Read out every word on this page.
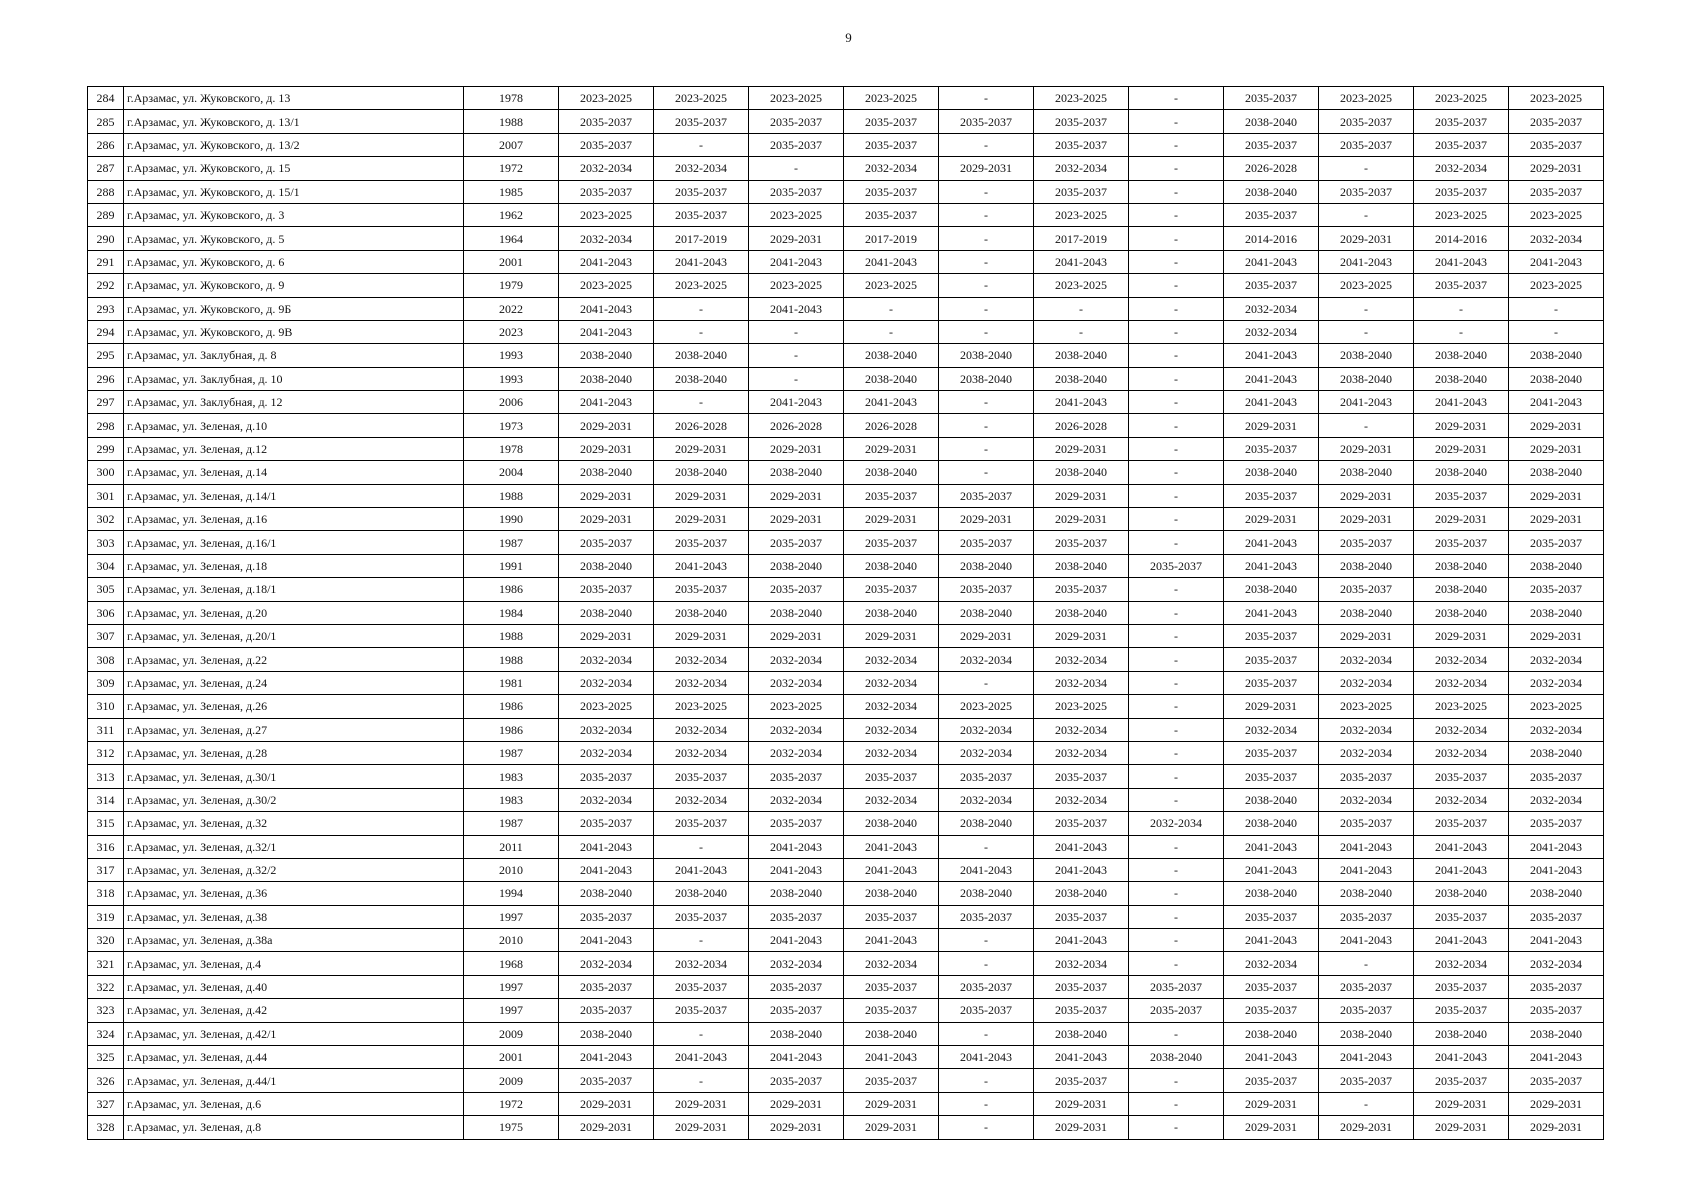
9
284	г.Арзамас, ул. Жуковского, д. 13	1978	2023-2025	2023-2025	2023-2025	2023-2025	-	2023-2025	-	2035-2037	2023-2025	2023-2025	2023-2025
285	г.Арзамас, ул. Жуковского, д. 13/1	1988	2035-2037	2035-2037	2035-2037	2035-2037	2035-2037	2035-2037	-	2038-2040	2035-2037	2035-2037	2035-2037
286	г.Арзамас, ул. Жуковского, д. 13/2	2007	2035-2037	-	2035-2037	2035-2037	-	2035-2037	-	2035-2037	2035-2037	2035-2037	2035-2037
287	г.Арзамас, ул. Жуковского, д. 15	1972	2032-2034	2032-2034	-	2032-2034	2029-2031	2032-2034	-	2026-2028	-	2032-2034	2029-2031
288	г.Арзамас, ул. Жуковского, д. 15/1	1985	2035-2037	2035-2037	2035-2037	2035-2037	-	2035-2037	-	2038-2040	2035-2037	2035-2037	2035-2037
289	г.Арзамас, ул. Жуковского, д. 3	1962	2023-2025	2035-2037	2023-2025	2035-2037	-	2023-2025	-	2035-2037	-	2023-2025	2023-2025
290	г.Арзамас, ул. Жуковского, д. 5	1964	2032-2034	2017-2019	2029-2031	2017-2019	-	2017-2019	-	2014-2016	2029-2031	2014-2016	2032-2034
291	г.Арзамас, ул. Жуковского, д. 6	2001	2041-2043	2041-2043	2041-2043	2041-2043	-	2041-2043	-	2041-2043	2041-2043	2041-2043	2041-2043
292	г.Арзамас, ул. Жуковского, д. 9	1979	2023-2025	2023-2025	2023-2025	2023-2025	-	2023-2025	-	2035-2037	2023-2025	2035-2037	2023-2025
293	г.Арзамас, ул. Жуковского, д. 9Б	2022	2041-2043	-	2041-2043	-	-	-	-	2032-2034	-	-	-
294	г.Арзамас, ул. Жуковского, д. 9В	2023	2041-2043	-	-	-	-	-	-	2032-2034	-	-	-
295	г.Арзамас, ул. Заклубная, д. 8	1993	2038-2040	2038-2040	-	2038-2040	2038-2040	2038-2040	-	2041-2043	2038-2040	2038-2040	2038-2040
296	г.Арзамас, ул. Заклубная, д. 10	1993	2038-2040	2038-2040	-	2038-2040	2038-2040	2038-2040	-	2041-2043	2038-2040	2038-2040	2038-2040
297	г.Арзамас, ул. Заклубная, д. 12	2006	2041-2043	-	2041-2043	2041-2043	-	2041-2043	-	2041-2043	2041-2043	2041-2043	2041-2043
298	г.Арзамас, ул. Зеленая, д.10	1973	2029-2031	2026-2028	2026-2028	2026-2028	-	2026-2028	-	2029-2031	-	2029-2031	2029-2031
299	г.Арзамас, ул. Зеленая, д.12	1978	2029-2031	2029-2031	2029-2031	2029-2031	-	2029-2031	-	2035-2037	2029-2031	2029-2031	2029-2031
300	г.Арзамас, ул. Зеленая, д.14	2004	2038-2040	2038-2040	2038-2040	2038-2040	-	2038-2040	-	2038-2040	2038-2040	2038-2040	2038-2040
301	г.Арзамас, ул. Зеленая, д.14/1	1988	2029-2031	2029-2031	2029-2031	2035-2037	2035-2037	2029-2031	-	2035-2037	2029-2031	2035-2037	2029-2031
302	г.Арзамас, ул. Зеленая, д.16	1990	2029-2031	2029-2031	2029-2031	2029-2031	2029-2031	2029-2031	-	2029-2031	2029-2031	2029-2031	2029-2031
303	г.Арзамас, ул. Зеленая, д.16/1	1987	2035-2037	2035-2037	2035-2037	2035-2037	2035-2037	2035-2037	-	2041-2043	2035-2037	2035-2037	2035-2037
304	г.Арзамас, ул. Зеленая, д.18	1991	2038-2040	2041-2043	2038-2040	2038-2040	2038-2040	2038-2040	2035-2037	2041-2043	2038-2040	2038-2040	2038-2040
305	г.Арзамас, ул. Зеленая, д.18/1	1986	2035-2037	2035-2037	2035-2037	2035-2037	2035-2037	2035-2037	-	2038-2040	2035-2037	2038-2040	2035-2037
306	г.Арзамас, ул. Зеленая, д.20	1984	2038-2040	2038-2040	2038-2040	2038-2040	2038-2040	2038-2040	-	2041-2043	2038-2040	2038-2040	2038-2040
307	г.Арзамас, ул. Зеленая, д.20/1	1988	2029-2031	2029-2031	2029-2031	2029-2031	2029-2031	2029-2031	-	2035-2037	2029-2031	2029-2031	2029-2031
308	г.Арзамас, ул. Зеленая, д.22	1988	2032-2034	2032-2034	2032-2034	2032-2034	2032-2034	2032-2034	-	2035-2037	2032-2034	2032-2034	2032-2034
309	г.Арзамас, ул. Зеленая, д.24	1981	2032-2034	2032-2034	2032-2034	2032-2034	-	2032-2034	-	2035-2037	2032-2034	2032-2034	2032-2034
310	г.Арзамас, ул. Зеленая, д.26	1986	2023-2025	2023-2025	2023-2025	2032-2034	2023-2025	2023-2025	-	2029-2031	2023-2025	2023-2025	2023-2025
311	г.Арзамас, ул. Зеленая, д.27	1986	2032-2034	2032-2034	2032-2034	2032-2034	2032-2034	2032-2034	-	2032-2034	2032-2034	2032-2034	2032-2034
312	г.Арзамас, ул. Зеленая, д.28	1987	2032-2034	2032-2034	2032-2034	2032-2034	2032-2034	2032-2034	-	2035-2037	2032-2034	2032-2034	2038-2040
313	г.Арзамас, ул. Зеленая, д.30/1	1983	2035-2037	2035-2037	2035-2037	2035-2037	2035-2037	2035-2037	-	2035-2037	2035-2037	2035-2037	2035-2037
314	г.Арзамас, ул. Зеленая, д.30/2	1983	2032-2034	2032-2034	2032-2034	2032-2034	2032-2034	2032-2034	-	2038-2040	2032-2034	2032-2034	2032-2034
315	г.Арзамас, ул. Зеленая, д.32	1987	2035-2037	2035-2037	2035-2037	2038-2040	2038-2040	2035-2037	2032-2034	2038-2040	2035-2037	2035-2037	2035-2037
316	г.Арзамас, ул. Зеленая, д.32/1	2011	2041-2043	-	2041-2043	2041-2043	-	2041-2043	-	2041-2043	2041-2043	2041-2043	2041-2043
317	г.Арзамас, ул. Зеленая, д.32/2	2010	2041-2043	2041-2043	2041-2043	2041-2043	2041-2043	2041-2043	-	2041-2043	2041-2043	2041-2043	2041-2043
318	г.Арзамас, ул. Зеленая, д.36	1994	2038-2040	2038-2040	2038-2040	2038-2040	2038-2040	2038-2040	-	2038-2040	2038-2040	2038-2040	2038-2040
319	г.Арзамас, ул. Зеленая, д.38	1997	2035-2037	2035-2037	2035-2037	2035-2037	2035-2037	2035-2037	-	2035-2037	2035-2037	2035-2037	2035-2037
320	г.Арзамас, ул. Зеленая, д.38а	2010	2041-2043	-	2041-2043	2041-2043	-	2041-2043	-	2041-2043	2041-2043	2041-2043	2041-2043
321	г.Арзамас, ул. Зеленая, д.4	1968	2032-2034	2032-2034	2032-2034	2032-2034	-	2032-2034	-	2032-2034	-	2032-2034	2032-2034
322	г.Арзамас, ул. Зеленая, д.40	1997	2035-2037	2035-2037	2035-2037	2035-2037	2035-2037	2035-2037	2035-2037	2035-2037	2035-2037	2035-2037	2035-2037
323	г.Арзамас, ул. Зеленая, д.42	1997	2035-2037	2035-2037	2035-2037	2035-2037	2035-2037	2035-2037	2035-2037	2035-2037	2035-2037	2035-2037	2035-2037
324	г.Арзамас, ул. Зеленая, д.42/1	2009	2038-2040	-	2038-2040	2038-2040	-	2038-2040	-	2038-2040	2038-2040	2038-2040	2038-2040
325	г.Арзамас, ул. Зеленая, д.44	2001	2041-2043	2041-2043	2041-2043	2041-2043	2041-2043	2041-2043	2038-2040	2041-2043	2041-2043	2041-2043	2041-2043
326	г.Арзамас, ул. Зеленая, д.44/1	2009	2035-2037	-	2035-2037	2035-2037	-	2035-2037	-	2035-2037	2035-2037	2035-2037	2035-2037
327	г.Арзамас, ул. Зеленая, д.6	1972	2029-2031	2029-2031	2029-2031	2029-2031	-	2029-2031	-	2029-2031	-	2029-2031	2029-2031
328	г.Арзамас, ул. Зеленая, д.8	1975	2029-2031	2029-2031	2029-2031	2029-2031	-	2029-2031	-	2029-2031	2029-2031	2029-2031	2029-2031
